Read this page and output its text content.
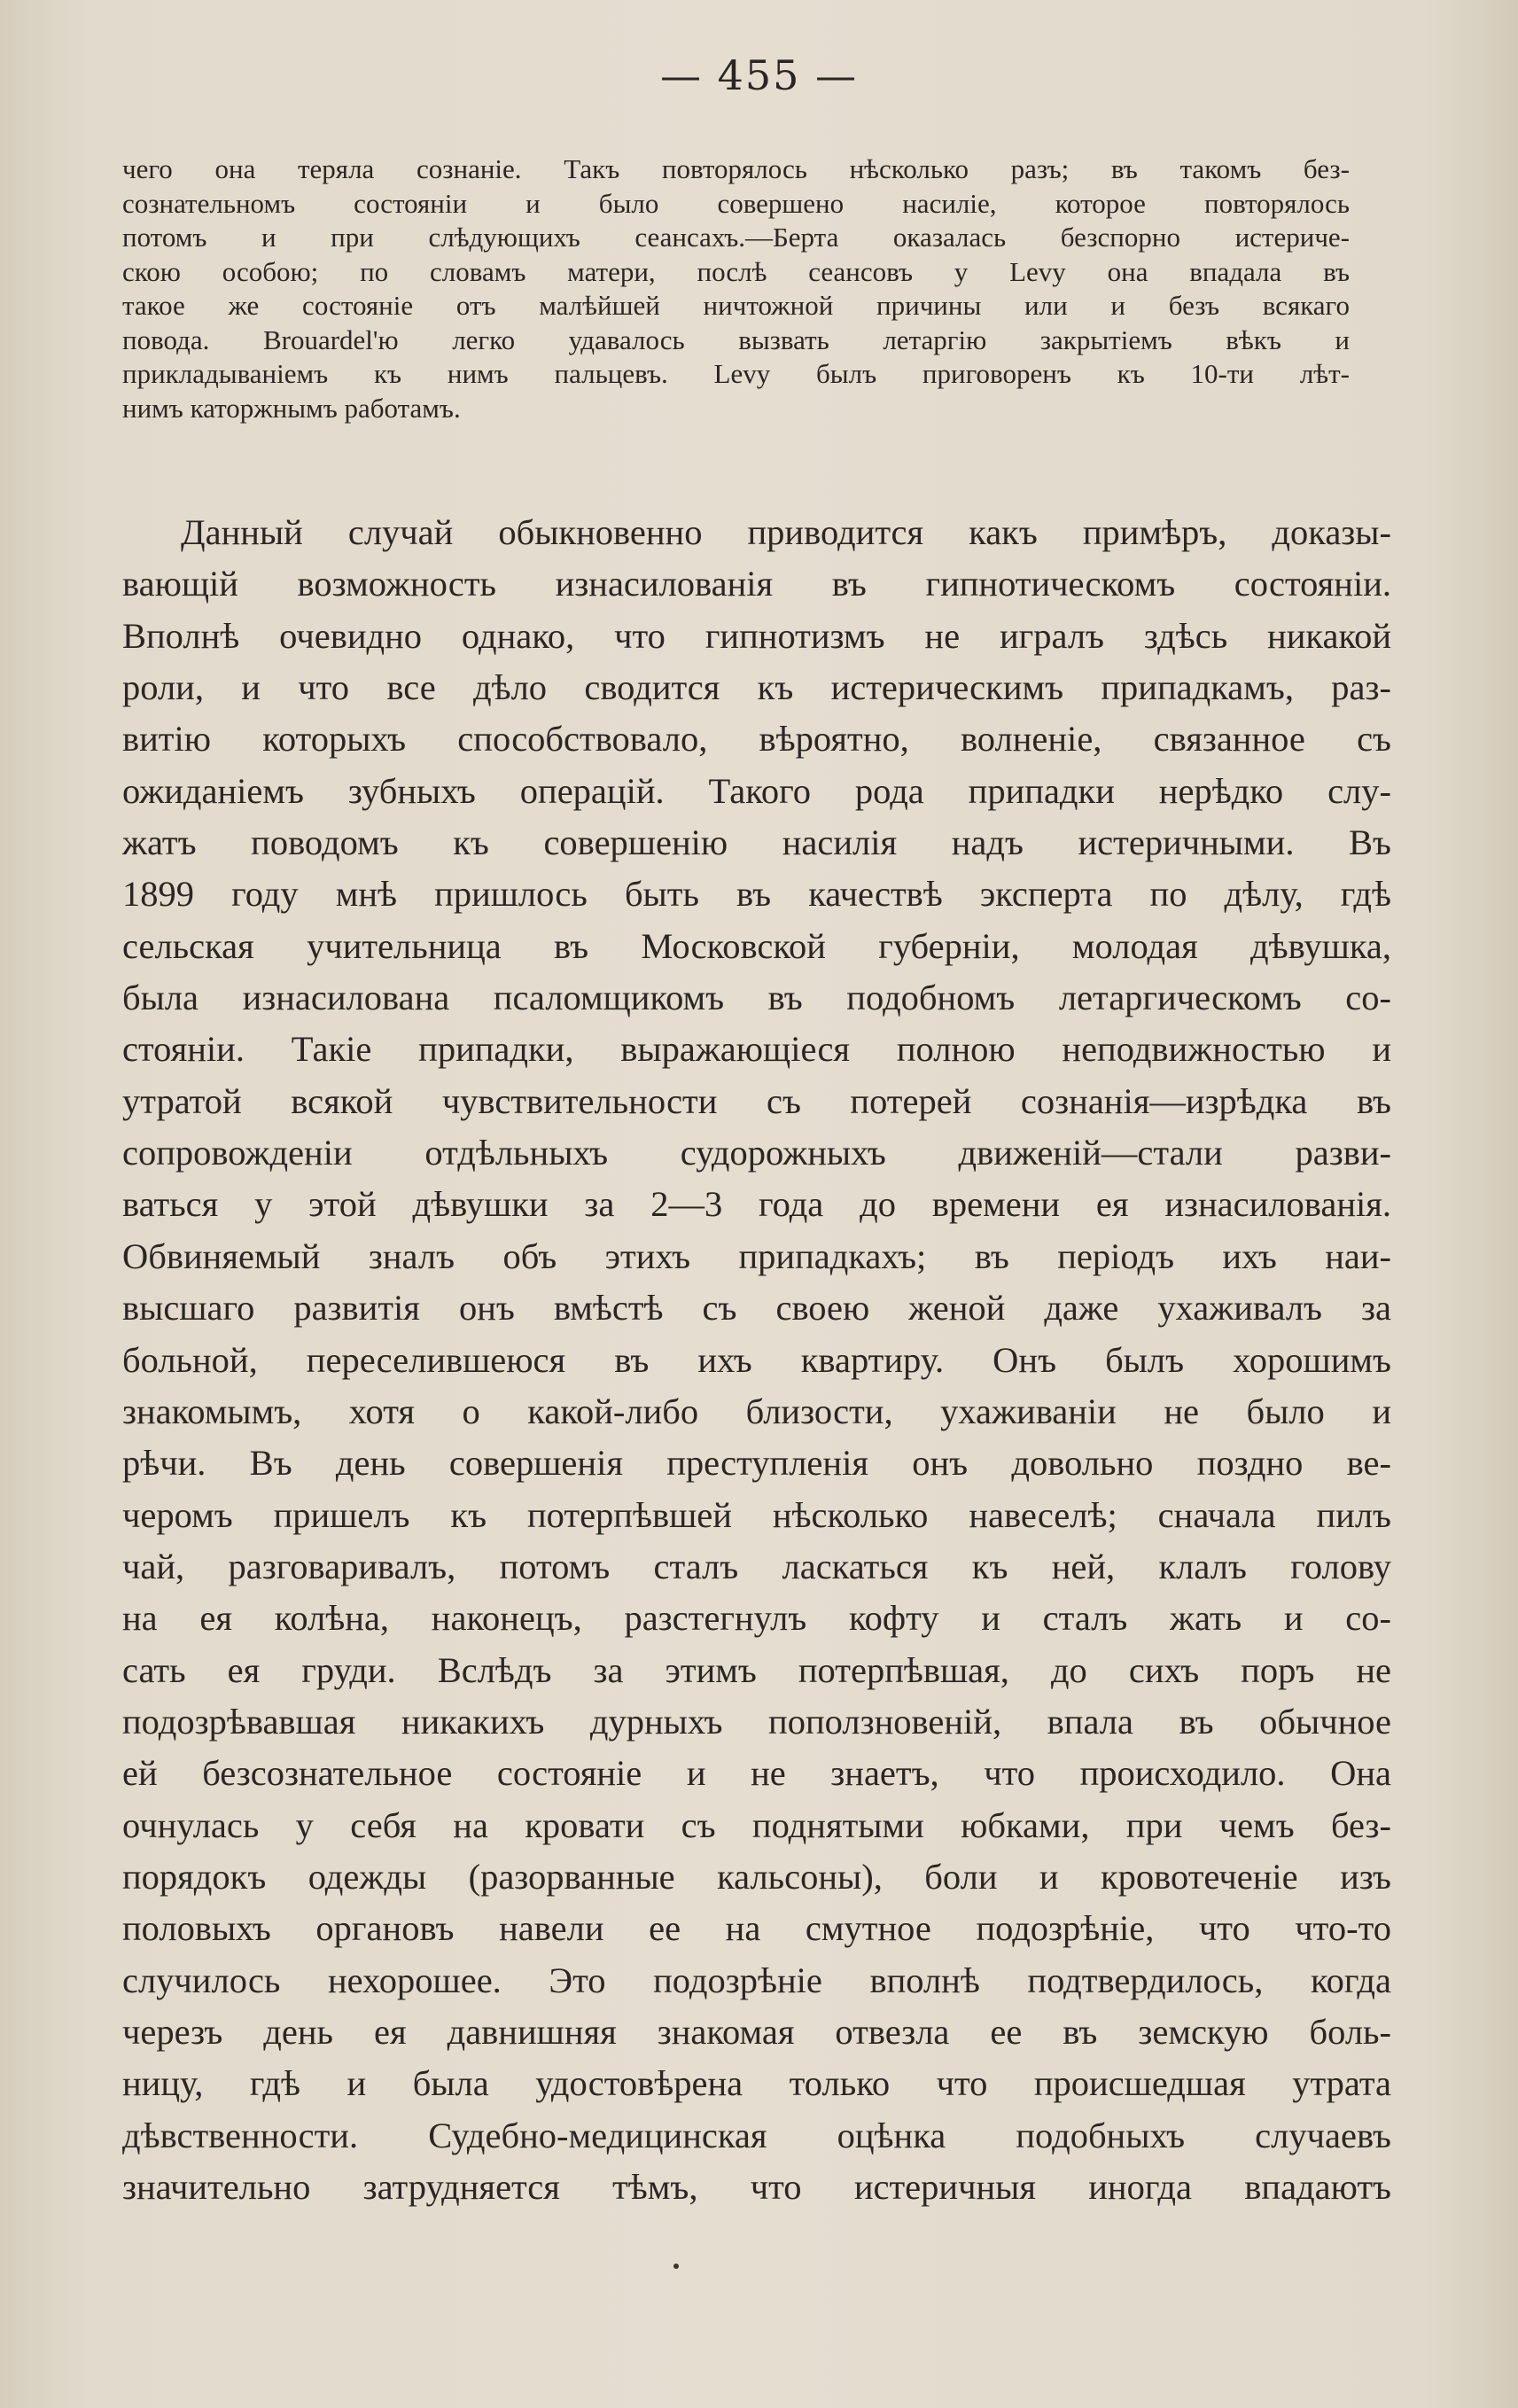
— 455 —
чего она теряла сознаніе. Такъ повторялось нѣсколько разъ; въ такомъ без-
сознательномъ состояніи и было совершено насиліе, которое повторялось
потомъ и при слѣдующихъ сеансахъ.—Берта оказалась безспорно истериче-
скою особою; по словамъ матери, послѣ сеансовъ у Levy она впадала въ
такое же состояніе отъ малѣйшей ничтожной причины или и безъ всякаго
повода. Brouardel'ю легко удавалось вызвать летаргію закрытіемъ вѣкъ и
прикладываніемъ къ нимъ пальцевъ. Levy былъ приговоренъ къ 10-ти лѣт-
нимъ каторжнымъ работамъ.
Данный случай обыкновенно приводится какъ примѣръ, доказы-
вающій возможность изнасилованія въ гипнотическомъ состояніи.
Вполнѣ очевидно однако, что гипнотизмъ не игралъ здѣсь никакой
роли, и что все дѣло сводится къ истерическимъ припадкамъ, раз-
витію которыхъ способствовало, вѣроятно, волненіе, связанное съ
ожиданіемъ зубныхъ операцій. Такого рода припадки нерѣдко слу-
жатъ поводомъ къ совершенію насилія надъ истеричными. Въ
1899 году мнѣ пришлось быть въ качествѣ эксперта по дѣлу, гдѣ
сельская учительница въ Московской губерніи, молодая дѣвушка,
была изнасилована псаломщикомъ въ подобномъ летаргическомъ со-
стояніи. Такіе припадки, выражающіеся полною неподвижностью и
утратой всякой чувствительности съ потерей сознанія—изрѣдка въ
сопровожденіи отдѣльныхъ судорожныхъ движеній—стали разви-
ваться у этой дѣвушки за 2—3 года до времени ея изнасилованія.
Обвиняемый зналъ объ этихъ припадкахъ; въ періодъ ихъ наи-
высшаго развитія онъ вмѣстѣ съ своею женой даже ухаживалъ за
больной, переселившеюся въ ихъ квартиру. Онъ былъ хорошимъ
знакомымъ, хотя о какой-либо близости, ухаживаніи не было и
рѣчи. Въ день совершенія преступленія онъ довольно поздно ве-
черомъ пришелъ къ потерпѣвшей нѣсколько навеселѣ; сначала пилъ
чай, разговаривалъ, потомъ сталъ ласкаться къ ней, клалъ голову
на ея колѣна, наконецъ, разстегнулъ кофту и сталъ жать и со-
сать ея груди. Вслѣдъ за этимъ потерпѣвшая, до сихъ поръ не
подозрѣвавшая никакихъ дурныхъ поползновеній, впала въ обычное
ей безсознательное состояніе и не знаетъ, что происходило. Она
очнулась у себя на кровати съ поднятыми юбками, при чемъ без-
порядокъ одежды (разорванные кальсоны), боли и кровотеченіе изъ
половыхъ органовъ навели ее на смутное подозрѣніе, что что-то
случилось нехорошее. Это подозрѣніе вполнѣ подтвердилось, когда
черезъ день ея давнишняя знакомая отвезла ее въ земскую боль-
ницу, гдѣ и была удостовѣрена только что происшедшая утрата
дѣвственности. Судебно-медицинская оцѣнка подобныхъ случаевъ
значительно затрудняется тѣмъ, что истеричныя иногда впадаютъ
